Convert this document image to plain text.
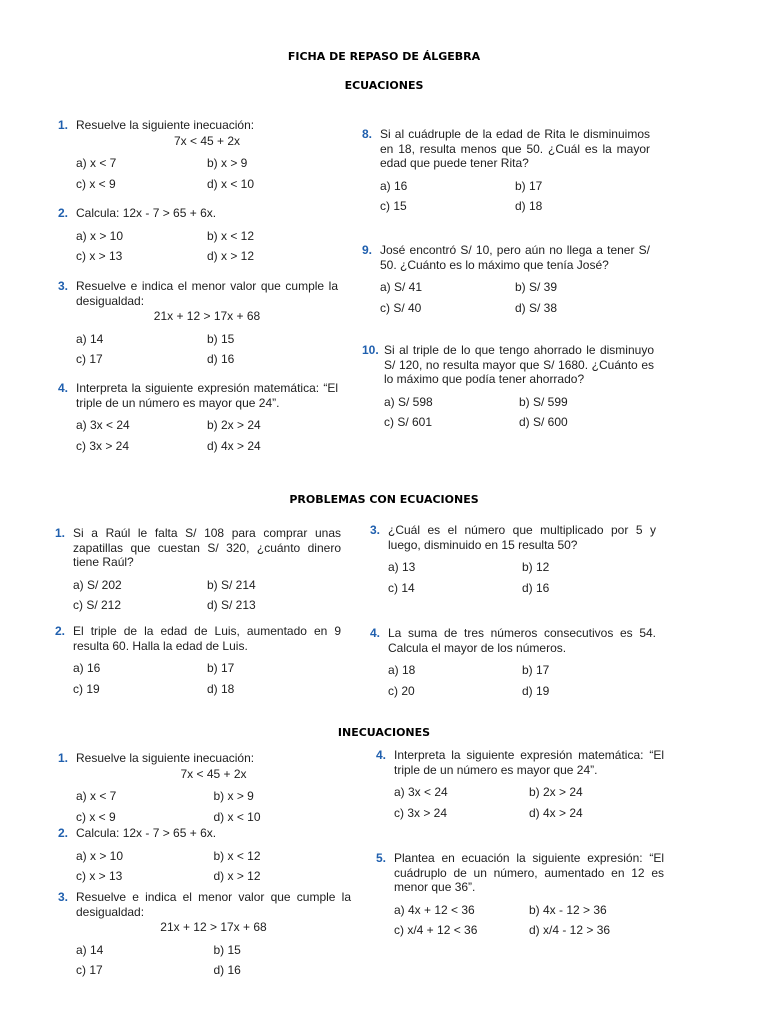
FICHA DE REPASO DE ÁLGEBRA
ECUACIONES
PROBLEMAS CON ECUACIONES
INECUACIONES
1. Resuelve la siguiente inecuación:
7x < 45 + 2x
a) x < 7	b) x > 9
c) x < 9	d) x < 10
2. Calcula: 12x - 7 > 65 + 6x.
a) x > 10	b) x < 12
c) x > 13	d) x > 12
3. Resuelve e indica el menor valor que cumple la desigualdad:
21x + 12 > 17x + 68
a) 14	b) 15
c) 17	d) 16
4. Interpreta la siguiente expresión matemática: “El triple de un número es mayor que 24”.
a) 3x < 24	b) 2x > 24
c) 3x > 24	d) 4x > 24
8. Si al cuádruple de la edad de Rita le disminuimos en 18, resulta menos que 50. ¿Cuál es la mayor edad que puede tener Rita?
a) 16	b) 17
c) 15	d) 18
9. José encontró S/ 10, pero aún no llega a tener S/ 50. ¿Cuánto es lo máximo que tenía José?
a) S/ 41	b) S/ 39
c) S/ 40	d) S/ 38
10. Si al triple de lo que tengo ahorrado le disminuyo S/ 120, no resulta mayor que S/ 1680. ¿Cuánto es lo máximo que podía tener ahorrado?
a) S/ 598	b) S/ 599
c) S/ 601	d) S/ 600
1. Si a Raúl le falta S/ 108 para comprar unas zapatillas que cuestan S/ 320, ¿cuánto dinero tiene Raúl?
a) S/ 202	b) S/ 214
c) S/ 212	d) S/ 213
2. El triple de la edad de Luis, aumentado en 9 resulta 60. Halla la edad de Luis.
a) 16	b) 17
c) 19	d) 18
3. ¿Cuál es el número que multiplicado por 5 y luego, disminuido en 15 resulta 50?
a) 13	b) 12
c) 14	d) 16
4. La suma de tres números consecutivos es 54. Calcula el mayor de los números.
a) 18	b) 17
c) 20	d) 19
1. Resuelve la siguiente inecuación:
7x < 45 + 2x
a) x < 7	b) x > 9
c) x < 9	d) x < 10
2. Calcula: 12x - 7 > 65 + 6x.
a) x > 10	b) x < 12
c) x > 13	d) x > 12
3. Resuelve e indica el menor valor que cumple la desigualdad:
21x + 12 > 17x + 68
a) 14	b) 15
c) 17	d) 16
4. Interpreta la siguiente expresión matemática: “El triple de un número es mayor que 24”.
a) 3x < 24	b) 2x > 24
c) 3x > 24	d) 4x > 24
5. Plantea en ecuación la siguiente expresión: “El cuádruplo de un número, aumentado en 12 es menor que 36”.
a) 4x + 12 < 36	b) 4x - 12 > 36
c) x/4 + 12 < 36	d) x/4 - 12 > 36
